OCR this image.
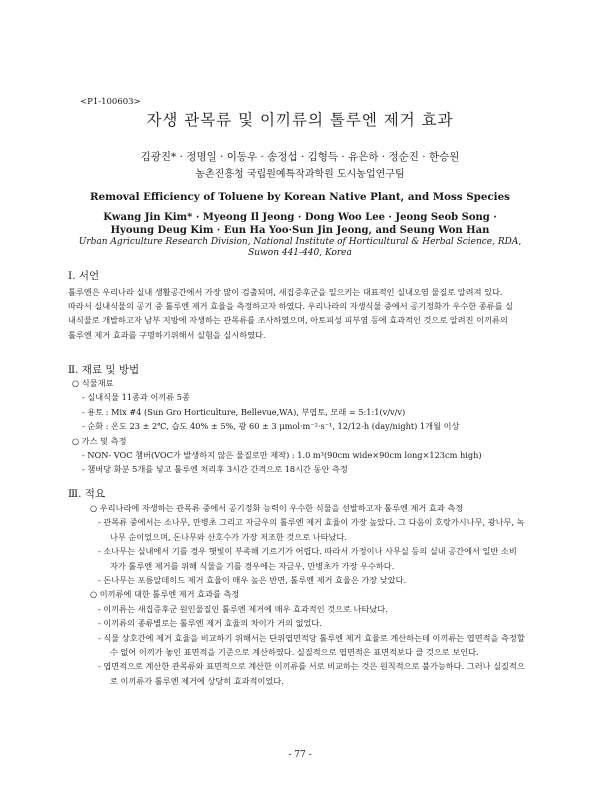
<P1-100603>
자생 관목류 및 이끼류의 톨루엔 제거 효과
김광진* · 정명일 · 이동우 · 송정섭 · 김형득 · 유은하 · 정순진 · 한승원
농촌진흥청 국립원예특작과학원 도시농업연구팀
Removal Efficiency of Toluene by Korean Native Plant, and Moss Species
Kwang Jin Kim* · Myeong Il Jeong · Dong Woo Lee · Jeong Seob Song ·
Hyoung Deug Kim · Eun Ha Yoo·Sun Jin Jeong, and Seung Won Han
Urban Agriculture Research Division, National Institute of Horticultural & Herbal Science, RDA,
Suwon 441-440, Korea
Ⅰ. 서언
톨루엔은 우리나라 실내 생활공간에서 가장 많이 검출되며, 새집증후군을 일으키는 대표적인 실내오염 물질로 알려져 있다.
따라서 실내식물의 공기 중 톨루엔 제거 효율을 측정하고자 하였다. 우리나라의 자생식물 중에서 공기정화가 우수한 종류를 실
내식물로 개발하고자 남부 지방에 자생하는 관목류를 조사하였으며, 아토피성 피부염 등에 효과적인 것으로 알려진 이끼류의
톨루엔 제거 효과를 구명하기위해서 실험을 실시하였다.
Ⅱ. 재료 및 방법
○ 식물재료
- 실내식물 11종과 이끼류 5종
- 용토 : Mix #4 (Sun Gro Horticulture, Bellevue,WA), 부엽토, 모래 = 5:1:1(v/v/v)
- 순화 : 온도 23 ± 2℃, 습도 40% ± 5%, 광 60 ± 3 μmol·m⁻²·s⁻¹, 12/12-h (day/night) 1개월 이상
○ 가스 및 측정
- NON- VOC 챔버(VOC가 발생하지 않은 물질로만 제작) : 1.0 m³(90cm wide×90cm long×123cm high)
- 챔버당 화분 5개를 넣고 톨루엔 처리후 3시간 간격으로 18시간 동안 측정
Ⅲ. 적요
○ 우리나라에 자생하는 관목류 중에서 공기정화 능력이 우수한 식물을 선발하고자 톨루엔 제거 효과 측정
- 관목류 중에서는 소나무, 만병초 그리고 자금우의 톨루엔 제거 효율이 가장 높았다. 그 다음이 호랑가시나무, 광나무, 녹
나무 순이었으며, 돈나무와 산호수가 가장 저조한 것으로 나타났다.
- 소나무는 실내에서 기를 경우 햇빛이 부족해 기르기가 어렵다. 따라서 가정이나 사무실 등의 실내 공간에서 일반 소비
자가 톨루엔 제거를 위해 식물을 기를 경우에는 자금우, 만병초가 가장 우수하다.
- 돈나무는 포름알데히드 제거 효율이 매우 높은 반면, 톨루엔 제거 효율은 가장 낮았다.
○ 이끼류에 대한 톨루엔 제거 효과를 측정
- 이끼류는 새집증후군 원인물질인 톨루엔 제거에 매우 효과적인 것으로 나타났다.
- 이끼류의 종류별로는 톨루엔 제거 효율의 차이가 거의 없었다.
- 식물 상호간에 제거 효율을 비교하기 위해서는 단위엽면적당 톨루엔 제거 효율로 계산하는데 이끼류는 엽면적을 측정할
수 없어 이끼가 놓인 표면적을 기준으로 계산하였다. 실질적으로 엽면적은 표면적보다 클 것으로 보인다.
- 엽면적으로 계산한 관목류와 표면적으로 계산한 이끼류를 서로 비교하는 것은 원칙적으로 불가능하다. 그러나 실질적으
로 이끼류가 톨루엔 제거에 상당히 효과적이었다.
- 77 -
